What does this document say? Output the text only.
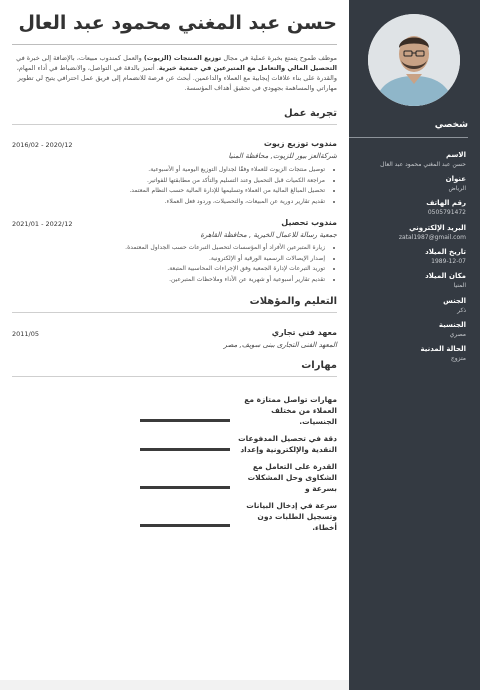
حسن عبد المغني محمود عبد العال
موظف طموح يتمتع بخبرة عملية في مجال توزيع المنتجات (الزيوت) والعمل كمندوب مبيعات، بالإضافة إلى خبرة في التحصيل المالي والتعامل مع المتبرعين في جمعية خيرية. أتميز بالدقة في التواصل، والانضباط في أداء المهام، والقدرة على بناء علاقات إيجابية مع العملاء والداعمين. أبحث عن فرصة للانضمام إلى فريق عمل احترافي يتيح لي تطوير مهاراتي والمساهمة بجهودي في تحقيق أهداف المؤسسة.
تجربة عمل
مندوب توزيع زيوت
2016/02 - 2020/12
شركةالعز بيور للزيوت, محافظة المنيا
• توصيل منتجات الزيوت للعملاء وفقًا لجداول التوزيع اليومية أو الأسبوعية.
• مراجعة الكميات قبل التحميل وعند التسليم والتأكد من مطابقتها للفواتير.
• تحصيل المبالغ المالية من العملاء وتسليمها للإدارة المالية حسب النظام المعتمد.
• تقديم تقارير دورية عن المبيعات، والتحصيلات، وردود فعل العملاء.
مندوب تحصيل
2021/01 - 2022/12
جمعية رسالة للاعمال الخيرية , محافظة القاهرة
• زيارة المتبرعين الأفراد أو المؤسسات لتحصيل التبرعات حسب الجداول المعتمدة.
• إصدار الإيصالات الرسمية الورقية أو الإلكترونية.
• توريد التبرعات لإدارة الجمعية وفق الإجراءات المحاسبية المتبعة.
• تقديم تقارير أسبوعية أو شهرية عن الأداء وملاحظات المتبرعين.
التعليم والمؤهلات
معهد فني تجاري
2011/05
المعهد الفنى التجارى ببنى سويف, مصر
مهارات
مهارات تواصل ممتازة مع العملاء من مختلف الجنسيات.
دقة في تحصيل المدفوعات النقدية والإلكترونية وإعداد
القدرة على التعامل مع الشكاوى وحل المشكلات بسرعة و
سرعة في إدخال البيانات وتسجيل الطلبات دون أخطاء.
شخصي
الاسم
حسن عبد المغني محمود عبد العال
عنوان
الرياض
رقم الهاتف
0505791472
البريد الإلكتروني
zatal1987@gmail.com
تاريخ الميلاد
1989-12-07
مكان الميلاد
المنيا
الجنس
ذكر
الجنسية
مصري
الحالة المدنية
متزوج
